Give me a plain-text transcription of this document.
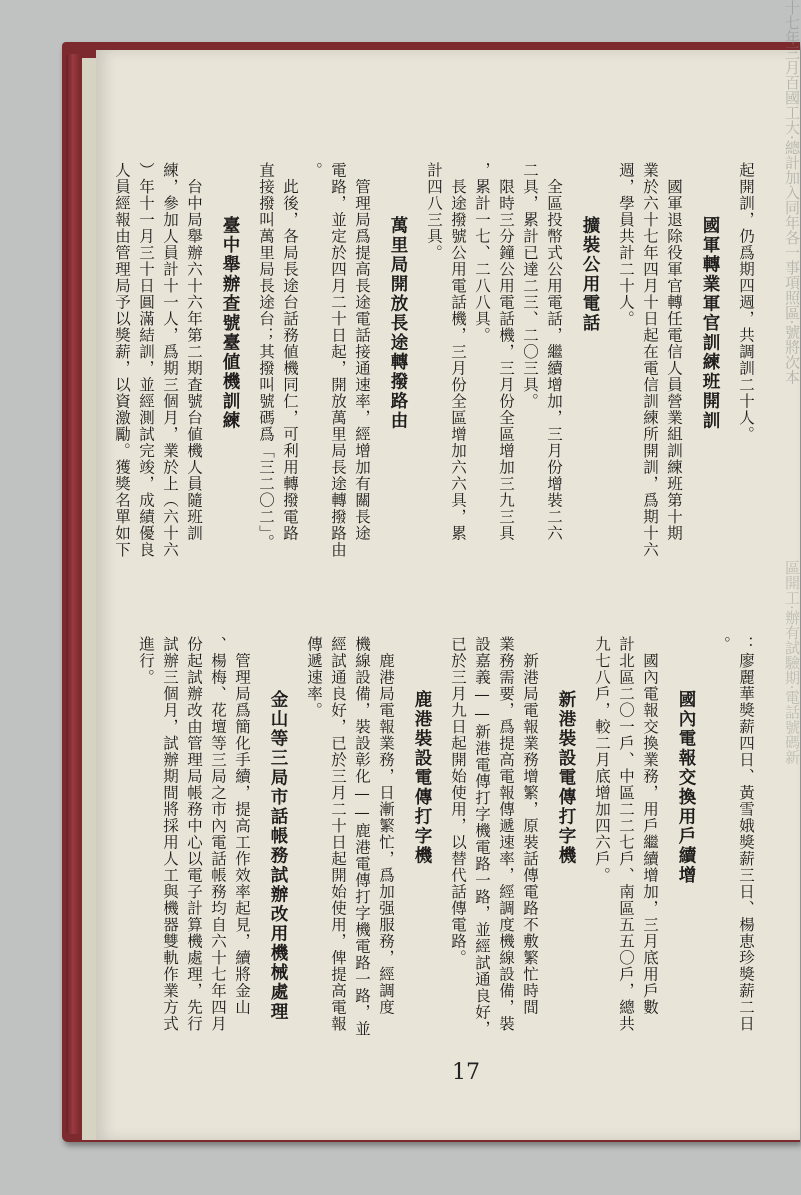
十七年三月百國工大·總計加入同年各一事項照區·號將次本
區開工·辦有試驗期·電話號碼新
起開訓，仍爲期四週，共調訓二十人。
國軍轉業軍官訓練班開訓
　國軍退除役軍官轉任電信人員營業組訓練班第十期
業於六十七年四月十日起在電信訓練所開訓，爲期十六
週，學員共計二十人。
擴裝公用電話
　全區投幣式公用電話，繼續增加，三月份增裝二六
二具，累計已達二三、二〇三具。
　限時三分鐘公用電話機，三月份全區增加三九三具
，累計一七、二八八具。
　長途撥號公用電話機，三月份全區增加六六具，累
計四八三具。
萬里局開放長途轉撥路由
　管理局爲提高長途電話接通速率，經增加有關長途
電路，並定於四月二十日起，開放萬里局長途轉撥路由
。
　此後，各局長途台話務値機同仁，可利用轉撥電路
直接撥叫萬里局長途台；其撥叫號碼爲「三二〇二」。
臺中舉辦查號臺値機訓練
　台中局舉辦六十六年第二期査號台値機人員隨班訓
練，參加人員計十一人，爲期三個月，業於上（六十六
）年十一月三十日圓滿結訓，並經測試完竣，成績優良
人員經報由管理局予以獎薪，以資激勵。獲獎名單如下
：廖麗華獎薪四日、黃雪娥獎薪三日、楊恵珍獎薪二日
。
國內電報交換用戶續增
　國內電報交換業務，用戶繼續增加，三月底用戶數
計北區二〇一戶、中區二二七戶、南區五五〇戶，總共
九七八戶，較二月底增加四六戶。
新港裝設電傳打字機
　新港局電報業務增繁，原裝話傳電路不敷繁忙時間
業務需要，爲提高電報傳遞速率，經調度機線設備，裝
設嘉義——新港電傳打字機電路一路，並經試通良好，
已於三月九日起開始使用，以替代話傳電路。
鹿港裝設電傳打字機
　鹿港局電報業務，日漸繁忙，爲加强服務，經調度
機線設備，裝設彰化——鹿港電傳打字機電路一路，並
經試通良好，已於三月二十日起開始使用，俾提高電報
傳遞速率。
金山等三局市話帳務試辦改用機械處理
　管理局爲簡化手續，提高工作效率起見，續將金山
、楊梅、花壇等三局之市內電話帳務均自六十七年四月
份起試辦改由管理局帳務中心以電子計算機處理，先行
試辦三個月，試辦期間將採用人工與機器雙軌作業方式
進行。
17
